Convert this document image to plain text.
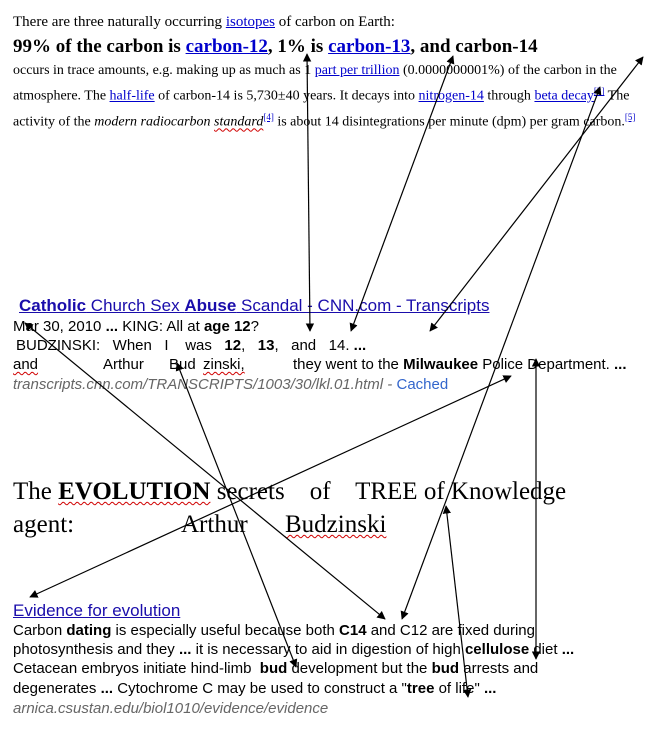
There are three naturally occurring isotopes of carbon on Earth:
99% of the carbon is carbon-12, 1% is carbon-13, and carbon-14
occurs in trace amounts, e.g. making up as much as 1 part per trillion (0.0000000001%) of the carbon in the atmosphere. The half-life of carbon-14 is 5,730±40 years. It decays into nitrogen-14 through beta decay[3] The activity of the modern radiocarbon standard[4] is about 14 disintegrations per minute (dpm) per gram carbon.[5]
Catholic Church Sex Abuse Scandal - CNN.com - Transcripts
Mar 30, 2010 ... KING: All at age 12?
BUDZINSKI:   When   I    was   12,   13,   and   14. ...
and	Arthur Bud zinski,	they went to the Milwaukee Police Department. ...
transcripts.cnn.com/TRANSCRIPTS/1003/30/lkl.01.html - Cached
The EVOLUTION secrets    of    TREE of Knowledge
agent:	Arthur Budzinski
Evidence for evolution
Carbon dating is especially useful because both C14 and C12 are fixed during
photosynthesis and they ... it is necessary to aid in digestion of high cellulose diet ...
Cetacean embryos initiate hind-limb  bud development but the bud arrests and
degenerates ... Cytochrome C may be used to construct a "tree of life" ...
arnica.csustan.edu/biol1010/evidence/evidence
